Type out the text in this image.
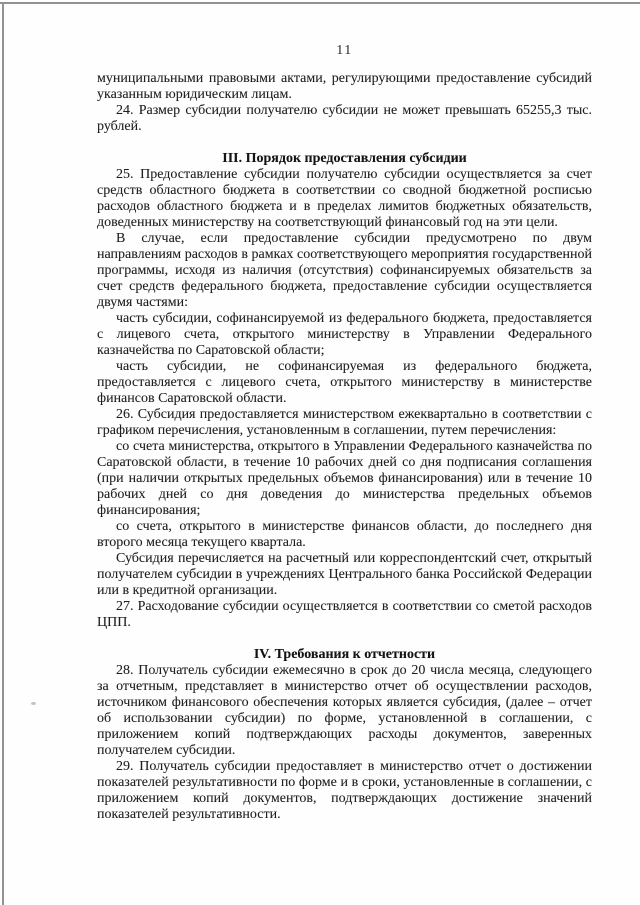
11

муниципальными правовыми актами, регулирующими предоставление субсидий указанным юридическим лицам.

24. Размер субсидии получателю субсидии не может превышать 65255,3 тыс. рублей.

III. Порядок предоставления субсидии

25. Предоставление субсидии получателю субсидии осуществляется за счет средств областного бюджета в соответствии со сводной бюджетной росписью расходов областного бюджета и в пределах лимитов бюджетных обязательств, доведенных министерству на соответствующий финансовый год на эти цели.

В случае, если предоставление субсидии предусмотрено по двум направлениям расходов в рамках соответствующего мероприятия государственной программы, исходя из наличия (отсутствия) софинансируемых обязательств за счет средств федерального бюджета, предоставление субсидии осуществляется двумя частями:

часть субсидии, софинансируемой из федерального бюджета, предоставляется с лицевого счета, открытого министерству в Управлении Федерального казначейства по Саратовской области;

часть субсидии, не софинансируемая из федерального бюджета, предоставляется с лицевого счета, открытого министерству в министерстве финансов Саратовской области.

26. Субсидия предоставляется министерством ежеквартально в соответствии с графиком перечисления, установленным в соглашении, путем перечисления:

со счета министерства, открытого в Управлении Федерального казначейства по Саратовской области, в течение 10 рабочих дней со дня подписания соглашения (при наличии открытых предельных объемов финансирования) или в течение 10 рабочих дней со дня доведения до министерства предельных объемов финансирования;

со счета, открытого в министерстве финансов области, до последнего дня второго месяца текущего квартала.

Субсидия перечисляется на расчетный или корреспондентский счет, открытый получателем субсидии в учреждениях Центрального банка Российской Федерации или в кредитной организации.

27. Расходование субсидии осуществляется в соответствии со сметой расходов ЦПП.

IV. Требования к отчетности

28. Получатель субсидии ежемесячно в срок до 20 числа месяца, следующего за отчетным, представляет в министерство отчет об осуществлении расходов, источником финансового обеспечения которых является субсидия, (далее – отчет об использовании субсидии) по форме, установленной в соглашении, с приложением копий подтверждающих расходы документов, заверенных получателем субсидии.

29. Получатель субсидии предоставляет в министерство отчет о достижении показателей результативности по форме и в сроки, установленные в соглашении, с приложением копий документов, подтверждающих достижение значений показателей результативности.
